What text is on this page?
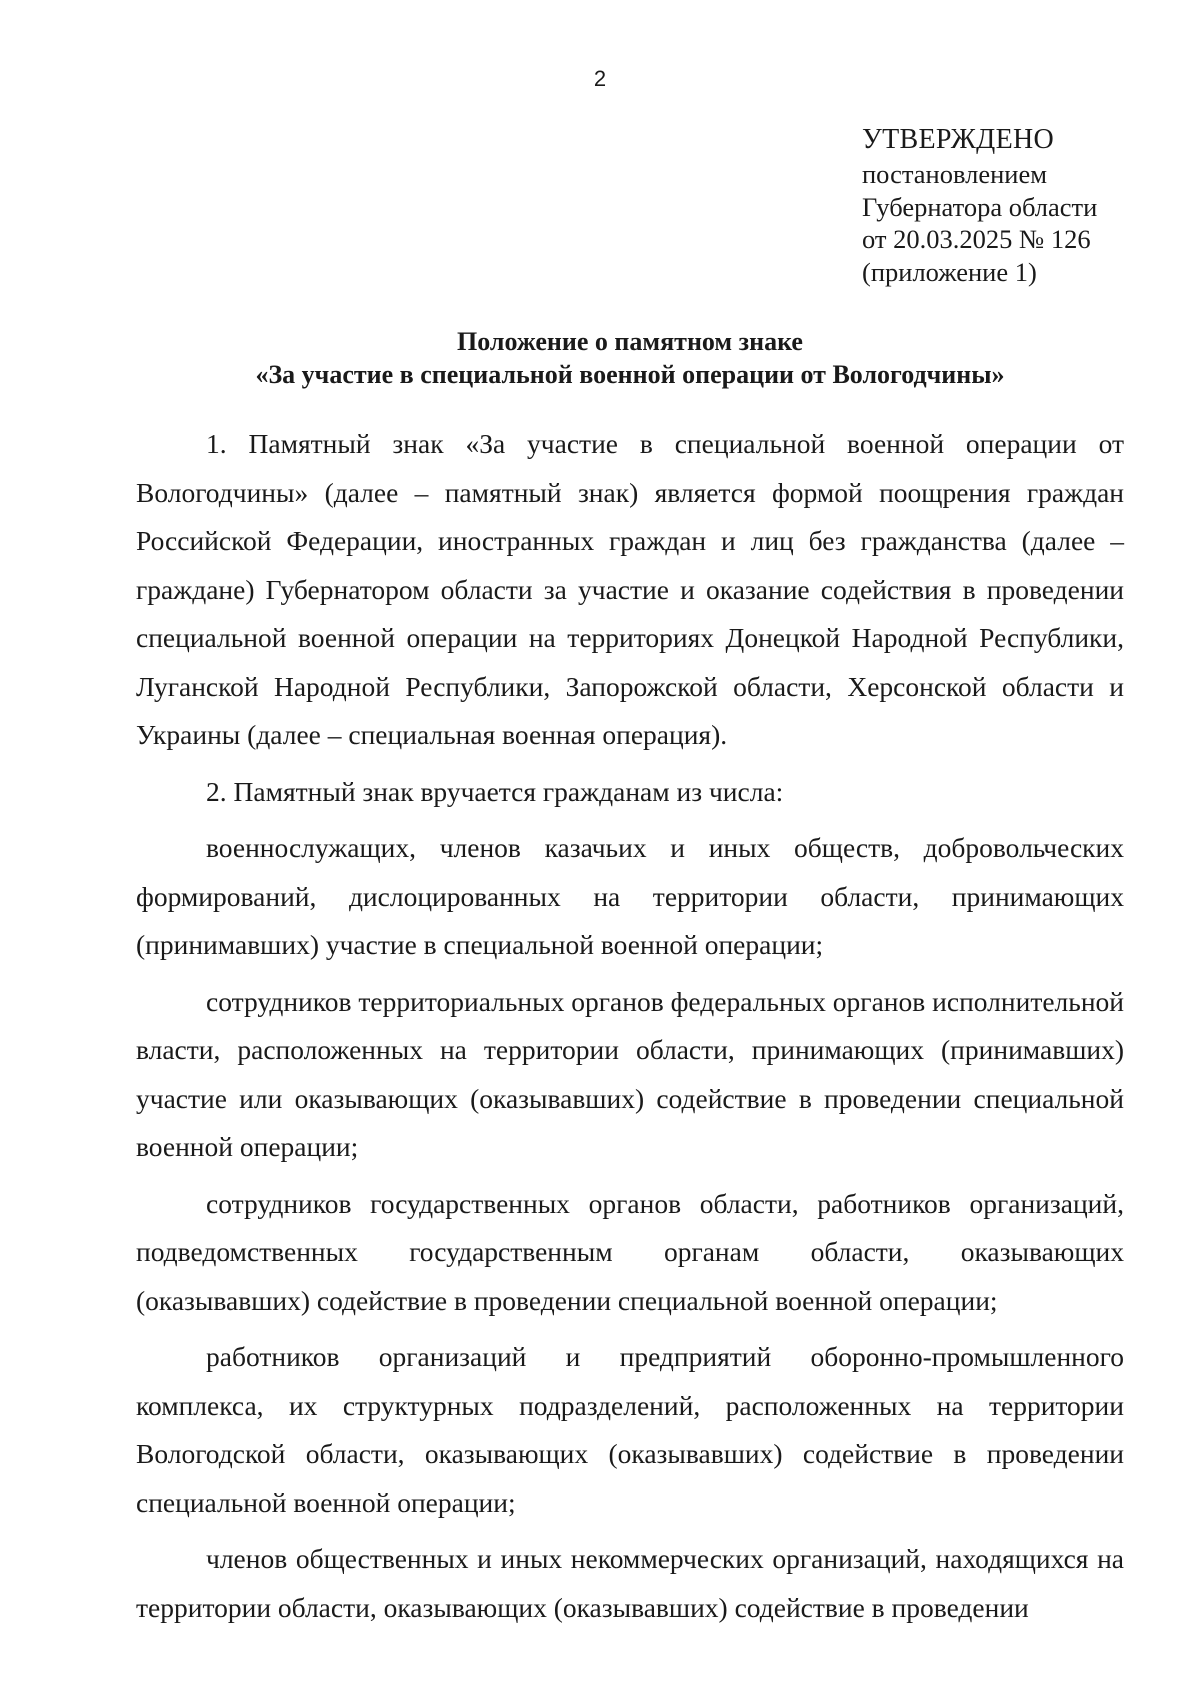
2
УТВЕРЖДЕНО
постановлением
Губернатора области
от 20.03.2025 № 126
(приложение 1)
Положение о памятном знаке
«За участие в специальной военной операции от Вологодчины»

1. Памятный знак «За участие в специальной военной операции от Вологодчины» (далее – памятный знак) является формой поощрения граждан Российской Федерации, иностранных граждан и лиц без гражданства (далее – граждане) Губернатором области за участие и оказание содействия в проведении специальной военной операции на территориях Донецкой Народной Республики, Луганской Народной Республики, Запорожской области, Херсонской области и Украины (далее – специальная военная операция).

2. Памятный знак вручается гражданам из числа:

военнослужащих, членов казачьих и иных обществ, добровольческих формирований, дислоцированных на территории области, принимающих (принимавших) участие в специальной военной операции;

сотрудников территориальных органов федеральных органов исполнительной власти, расположенных на территории области, принимающих (принимавших) участие или оказывающих (оказывавших) содействие в проведении специальной военной операции;

сотрудников государственных органов области, работников организаций, подведомственных государственным органам области, оказывающих (оказывавших) содействие в проведении специальной военной операции;

работников организаций и предприятий оборонно-промышленного комплекса, их структурных подразделений, расположенных на территории Вологодской области, оказывающих (оказывавших) содействие в проведении специальной военной операции;

членов общественных и иных некоммерческих организаций, находящихся на территории области, оказывающих (оказывавших) содействие в проведении
